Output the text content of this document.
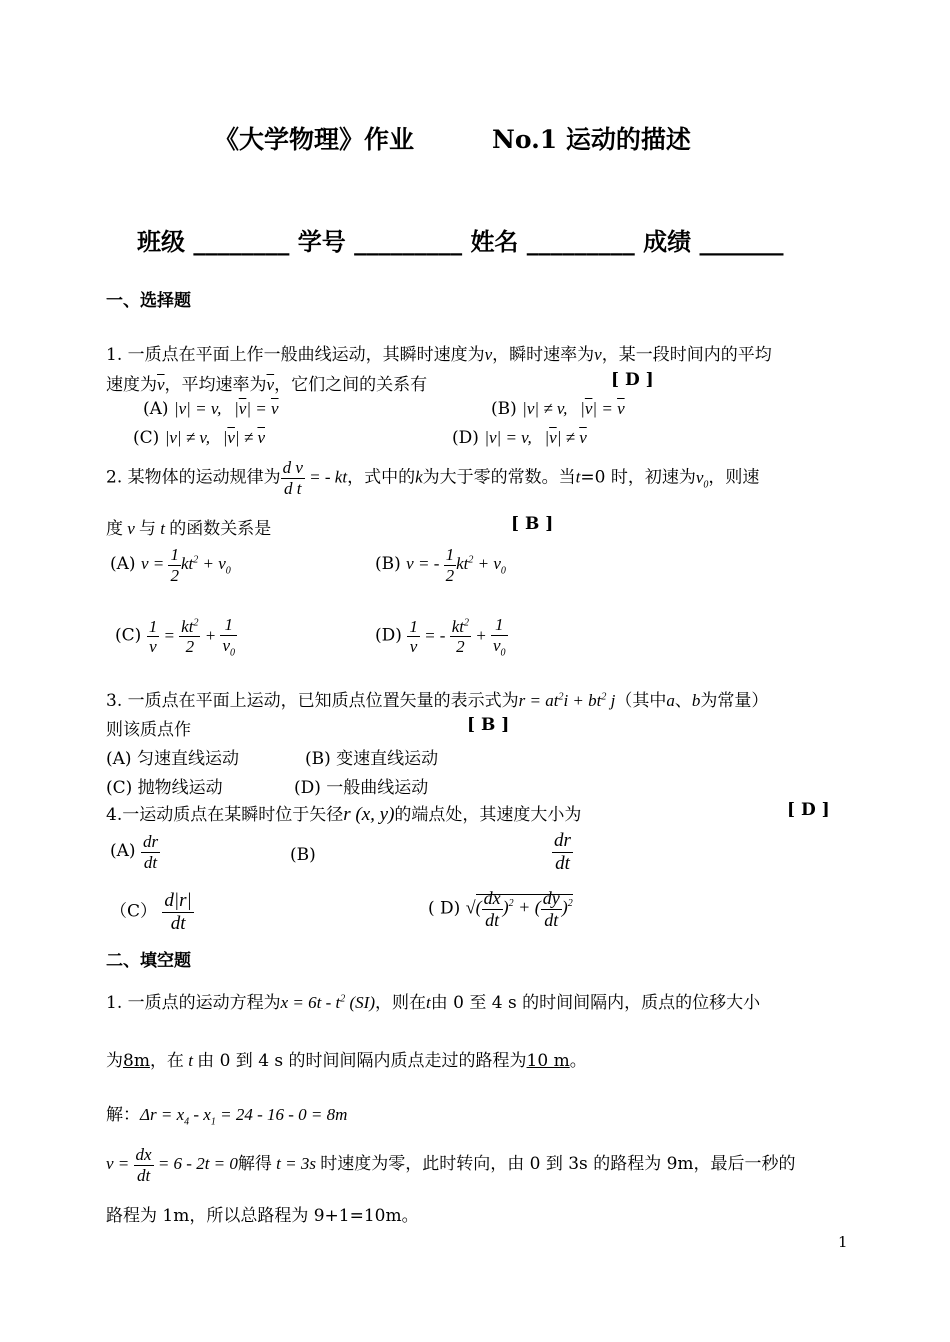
《大学物理》作业	No.1 运动的描述
班级 ________ 学号 _________ 姓名 _________ 成绩 _______
一、选择题
1. 一质点在平面上作一般曲线运动，其瞬时速度为v，瞬时速率为v，某一段时间内的平均
速度为$\overline{v}$，平均速率为$\overline{v}$，它们之间的关系有	[ D ]
(A) |v| = v,   $|\overline{v}| = \overline{v}$	(B) |v| ≠ v,   $|\overline{v}| = \overline{v}$
(C) |v| ≠ v,   $|\overline{v}| \ne \overline{v}$	(D) |v| = v,   $|\overline{v}| \ne \overline{v}$
2. 某物体的运动规律为 $\frac{\text{d v}}{\text{d t}}$ = - kt，式中的k为大于零的常数。当t=0 时，初速为$v_0$，则速
度 v 与 t 的函数关系是	[ B ]
(A) $v = \frac{1}{2} kt^2 + v_0$	(B) v = - $\frac{1}{2} kt^2 + v_0$
$(C) \frac{1}{v} = \frac{kt^2}{2} + \frac{1}{v_0}$	$(D) \frac{1}{v}$ = - $\frac{kt^2}{2} + \frac{1}{v_0}$
3. 一质点在平面上运动，已知质点位置矢量的表示式为$r = at^2i + bt^2$ j（其中a、b为常量）
则该质点作	[ B ]
(A) 匀速直线运动	(B) 变速直线运动
(C) 抛物线运动	(D) 一般曲线运动
4.一运动质点在某瞬时位于矢径r (x, y)的端点处，其速度大小为	[ D ]
$(A) \frac{dr}{dt}$	(B)	$\frac{dr}{dt}$
$(C) \frac{d|r|}{dt}$	( D) √( $\frac{dx}{dt} )^2$ + ( $\frac{dy}{dt} )^2$
二、填空题
1. 一质点的运动方程为$x = 6t - t^2$ (SI)，则在t由 0 至 4 s 的时间间隔内，质点的位移大小
为8m，在 t 由 0 到 4 s 的时间间隔内质点走过的路程为10 m。
解：$\Delta r = x_4 - x_1 = 24 - 16 - 0 = 8m$
$v = \frac{dx}{dt} = 6 - 2t = 0$解得 t = 3s 时速度为零，此时转向，由 0 到 3s 的路程为 9m，最后一秒的
路程为 1m，所以总路程为 9+1=10m。
1
